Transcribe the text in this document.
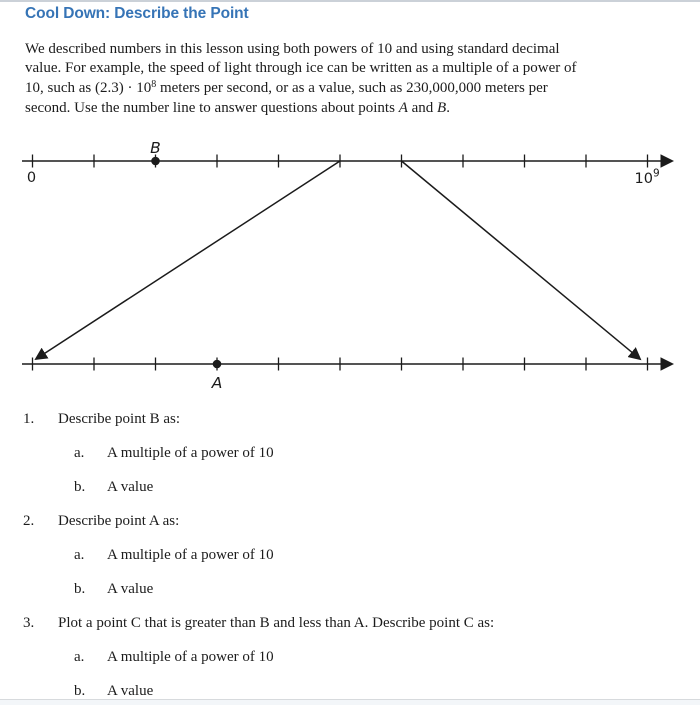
Cool Down: Describe the Point
We described numbers in this lesson using both powers of 10 and using standard decimal
value. For example, the speed of light through ice can be written as a multiple of a power of
10, such as $(2.3) \cdot 10^8$ meters per second, or as a value, such as 230,000,000 meters per
second. Use the number line to answer questions about points A and B.
B
A
0	$10^9$
1.	Describe point B as:
a.	A multiple of a power of 10
b.	A value
2.	Describe point A as:
a.	A multiple of a power of 10
b.	A value
3.	Plot a point C that is greater than B and less than A. Describe point C as:
a.	A multiple of a power of 10
b.	A value
